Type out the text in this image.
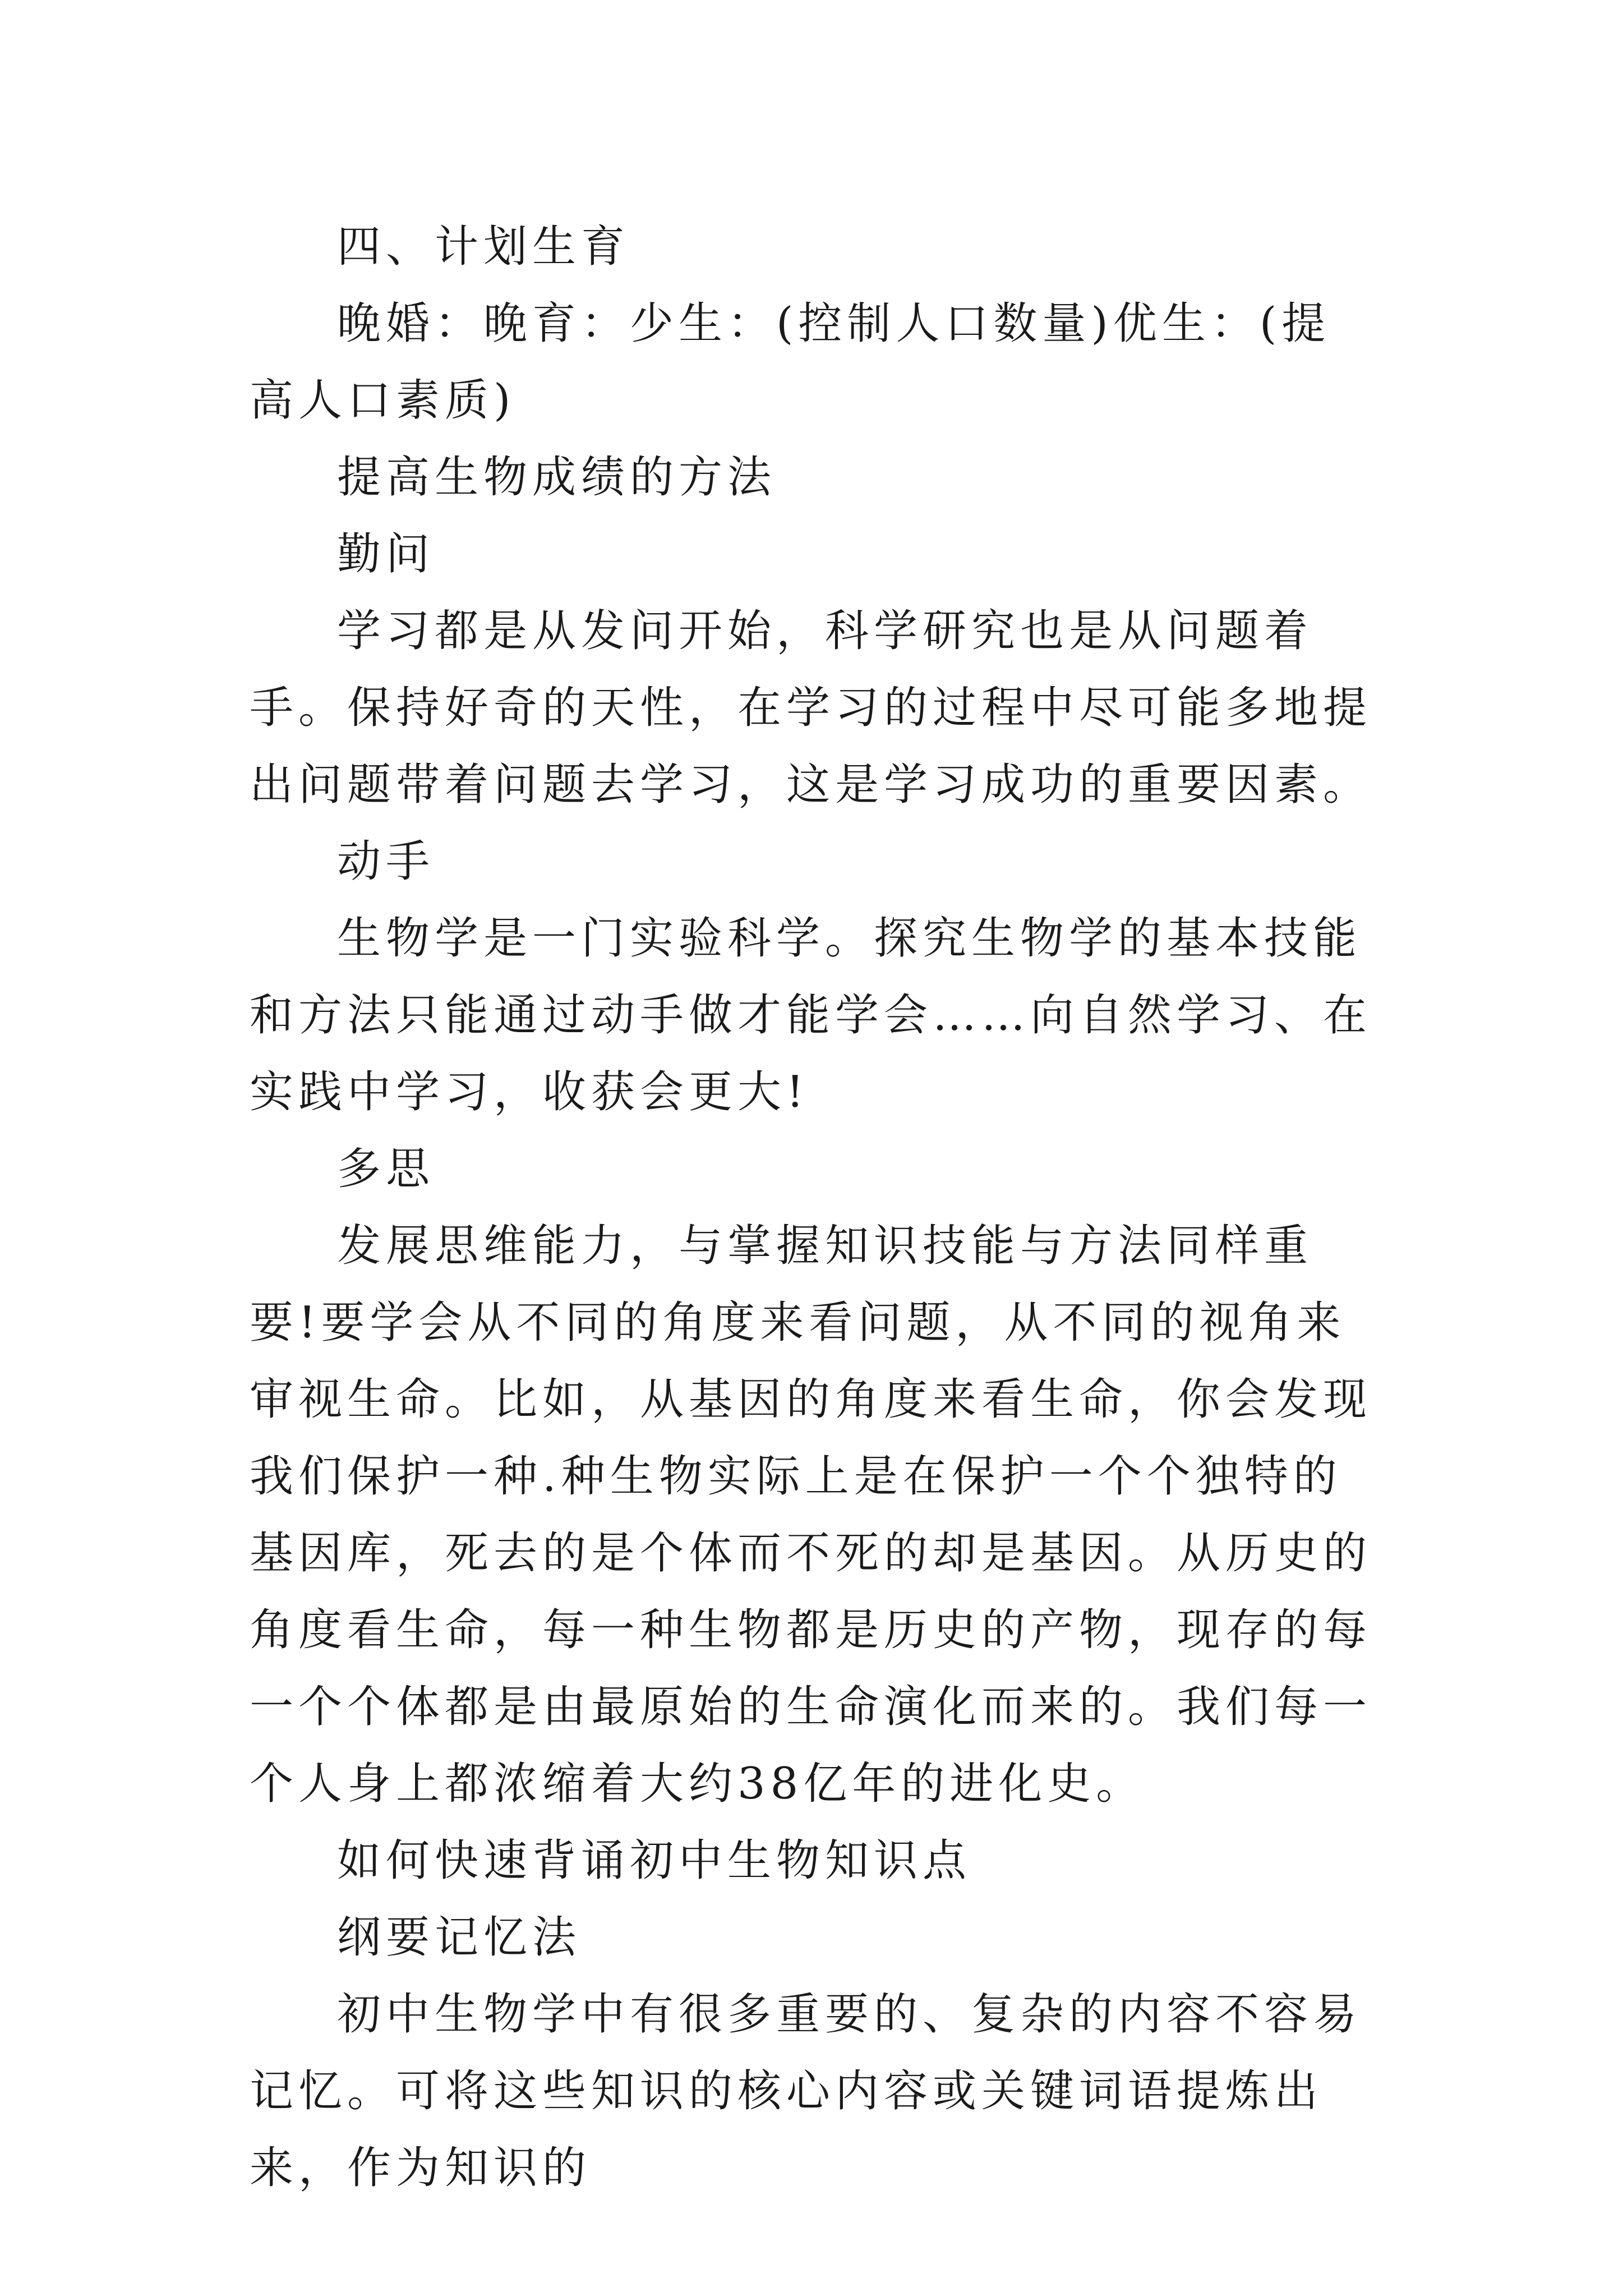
四、计划生育

晚婚：晚育：少生：(控制人口数量)优生：(提高人口素质)

提高生物成绩的方法

勤问

学习都是从发问开始，科学研究也是从问题着手。保持好奇的天性，在学习的过程中尽可能多地提出问题带着问题去学习，这是学习成功的重要因素。

动手

生物学是一门实验科学。探究生物学的基本技能和方法只能通过动手做才能学会……向自然学习、在实践中学习，收获会更大!

多思

发展思维能力，与掌握知识技能与方法同样重要!要学会从不同的角度来看问题，从不同的视角来审视生命。比如，从基因的角度来看生命，你会发现我们保护一种.种生物实际上是在保护一个个独特的基因库，死去的是个体而不死的却是基因。从历史的角度看生命，每一种生物都是历史的产物，现存的每一个个体都是由最原始的生命演化而来的。我们每一个人身上都浓缩着大约38亿年的进化史。

如何快速背诵初中生物知识点

纲要记忆法

初中生物学中有很多重要的、复杂的内容不容易记忆。可将这些知识的核心内容或关键词语提炼出来，作为知识的
